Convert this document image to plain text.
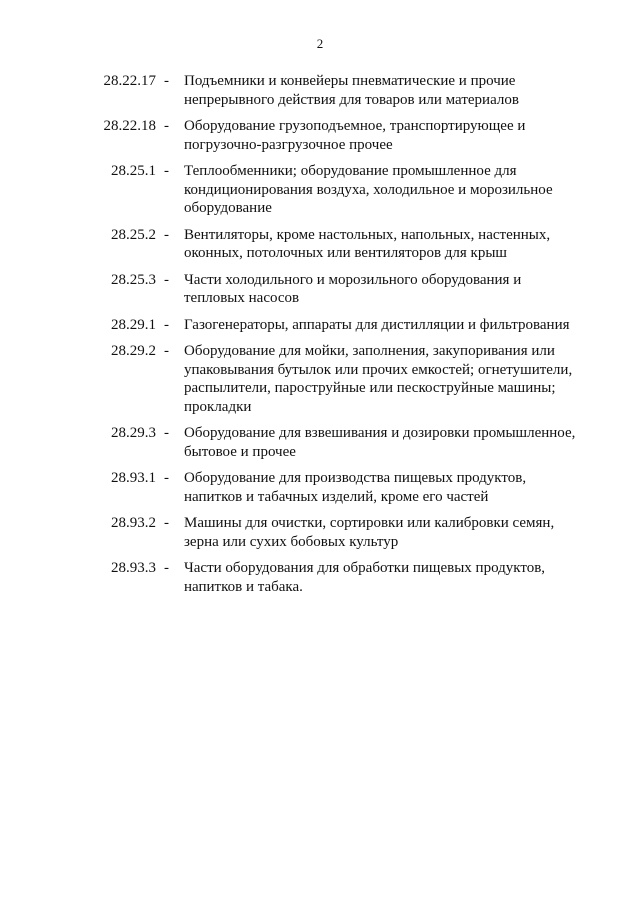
2
28.22.17 - Подъемники и конвейеры пневматические и прочие
непрерывного действия для товаров или материалов
28.22.18 - Оборудование грузоподъемное, транспортирующее и
погрузочно-разгрузочное прочее
28.25.1 - Теплообменники; оборудование промышленное для
кондиционирования воздуха, холодильное и морозильное
оборудование
28.25.2 - Вентиляторы, кроме настольных, напольных, настенных,
оконных, потолочных или вентиляторов для крыш
28.25.3 - Части холодильного и морозильного оборудования и
тепловых насосов
28.29.1 - Газогенераторы, аппараты для дистилляции и фильтрования
28.29.2 - Оборудование для мойки, заполнения, закупоривания или
упаковывания бутылок или прочих емкостей; огнетушители,
распылители, пароструйные или пескоструйные машины;
прокладки
28.29.3 - Оборудование для взвешивания и дозировки промышленное,
бытовое и прочее
28.93.1 - Оборудование для производства пищевых продуктов,
напитков и табачных изделий, кроме его частей
28.93.2 - Машины для очистки, сортировки или калибровки семян,
зерна или сухих бобовых культур
28.93.3 - Части оборудования для обработки пищевых продуктов,
напитков и табака.
